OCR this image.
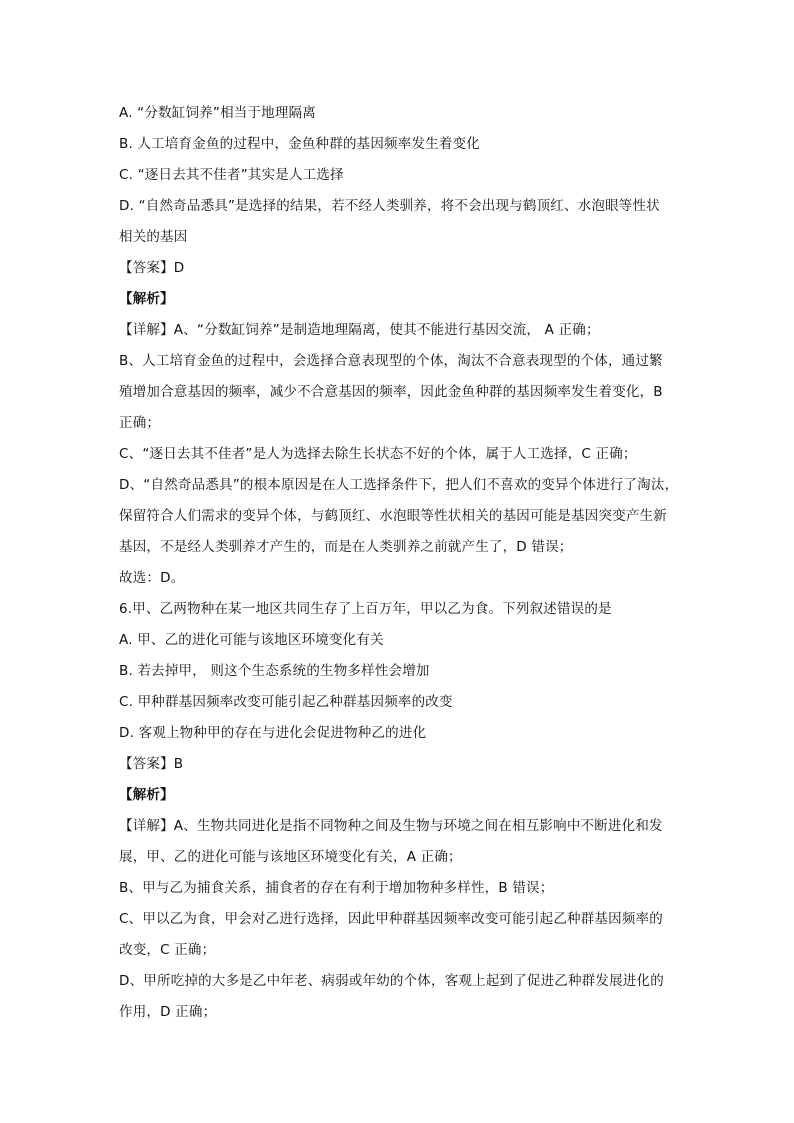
A. “分数缸饲养”相当于地理隔离
B. 人工培育金鱼的过程中，金鱼种群的基因频率发生着变化
C. “逐日去其不佳者”其实是人工选择
D. “自然奇品悉具”是选择的结果，若不经人类驯养，将不会出现与鹤顶红、水泡眼等性状
相关的基因
【答案】D
【解析】
【详解】A、“分数缸饲养”是制造地理隔离，使其不能进行基因交流， A 正确；
B、人工培育金鱼的过程中，会选择合意表现型的个体，淘汰不合意表现型的个体，通过繁
殖增加合意基因的频率，减少不合意基因的频率，因此金鱼种群的基因频率发生着变化，B
正确；
C、“逐日去其不佳者”是人为选择去除生长状态不好的个体，属于人工选择，C 正确；
D、“自然奇品悉具”的根本原因是在人工选择条件下，把人们不喜欢的变异个体进行了淘汰，
保留符合人们需求的变异个体，与鹤顶红、水泡眼等性状相关的基因可能是基因突变产生新
基因，不是经人类驯养才产生的，而是在人类驯养之前就产生了，D 错误；
故选：D。
6.甲、乙两物种在某一地区共同生存了上百万年，甲以乙为食。下列叙述错误的是
A. 甲、乙的进化可能与该地区环境变化有关
B. 若去掉甲， 则这个生态系统的生物多样性会增加
C. 甲种群基因频率改变可能引起乙种群基因频率的改变
D. 客观上物种甲的存在与进化会促进物种乙的进化
【答案】B
【解析】
【详解】A、生物共同进化是指不同物种之间及生物与环境之间在相互影响中不断进化和发
展，甲、乙的进化可能与该地区环境变化有关，A 正确；
B、甲与乙为捕食关系，捕食者的存在有利于增加物种多样性，B 错误；
C、甲以乙为食，甲会对乙进行选择，因此甲种群基因频率改变可能引起乙种群基因频率的
改变，C 正确；
D、甲所吃掉的大多是乙中年老、病弱或年幼的个体，客观上起到了促进乙种群发展进化的
作用，D 正确；
